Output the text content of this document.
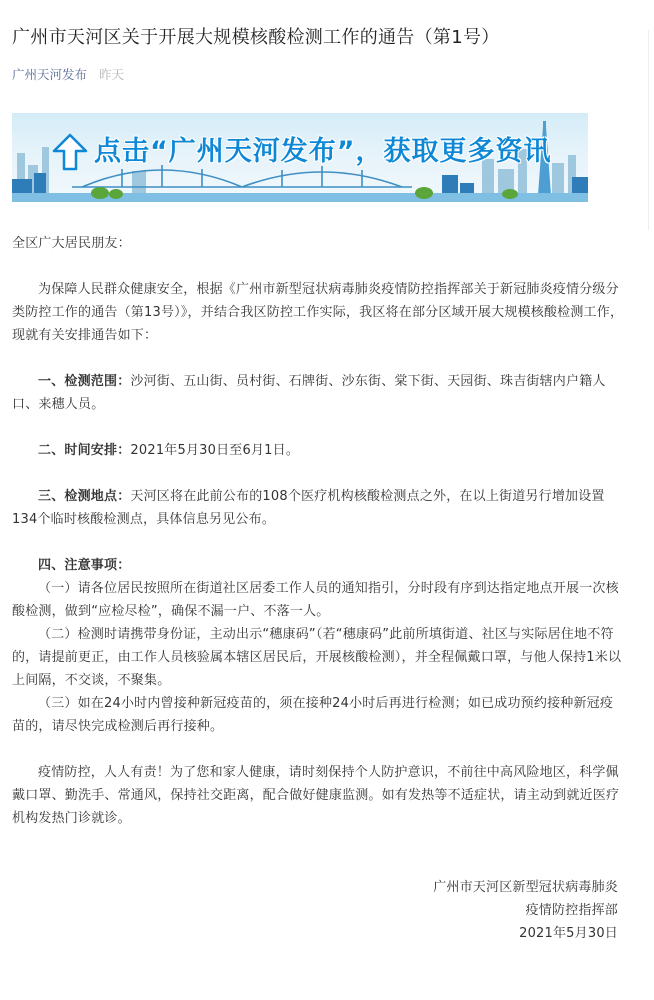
广州市天河区关于开展大规模核酸检测工作的通告（第1号）
广州天河发布 昨天
点击“广州天河发布”，获取更多资讯

全区广大居民朋友：

为保障人民群众健康安全，根据《广州市新型冠状病毒肺炎疫情防控指挥部关于新冠肺炎疫情分级分类防控工作的通告（第13号）》，并结合我区防控工作实际，我区将在部分区域开展大规模核酸检测工作，现就有关安排通告如下：

一、检测范围：沙河街、五山街、员村街、石牌街、沙东街、棠下街、天园街、珠吉街辖内户籍人口、来穗人员。

二、时间安排：2021年5月30日至6月1日。

三、检测地点：天河区将在此前公布的108个医疗机构核酸检测点之外，在以上街道另行增加设置134个临时核酸检测点，具体信息另见公布。

四、注意事项：

（一）请各位居民按照所在街道社区居委工作人员的通知指引，分时段有序到达指定地点开展一次核酸检测，做到“应检尽检”，确保不漏一户、不落一人。

（二）检测时请携带身份证，主动出示“穗康码”（若“穗康码”此前所填街道、社区与实际居住地不符的，请提前更正，由工作人员核验属本辖区居民后，开展核酸检测），并全程佩戴口罩，与他人保持1米以上间隔，不交谈，不聚集。

（三）如在24小时内曾接种新冠疫苗的，须在接种24小时后再进行检测；如已成功预约接种新冠疫苗的，请尽快完成检测后再行接种。

疫情防控，人人有责！为了您和家人健康，请时刻保持个人防护意识，不前往中高风险地区，科学佩戴口罩、勤洗手、常通风，保持社交距离，配合做好健康监测。如有发热等不适症状，请主动到就近医疗机构发热门诊就诊。

广州市天河区新型冠状病毒肺炎

疫情防控指挥部

2021年5月30日
